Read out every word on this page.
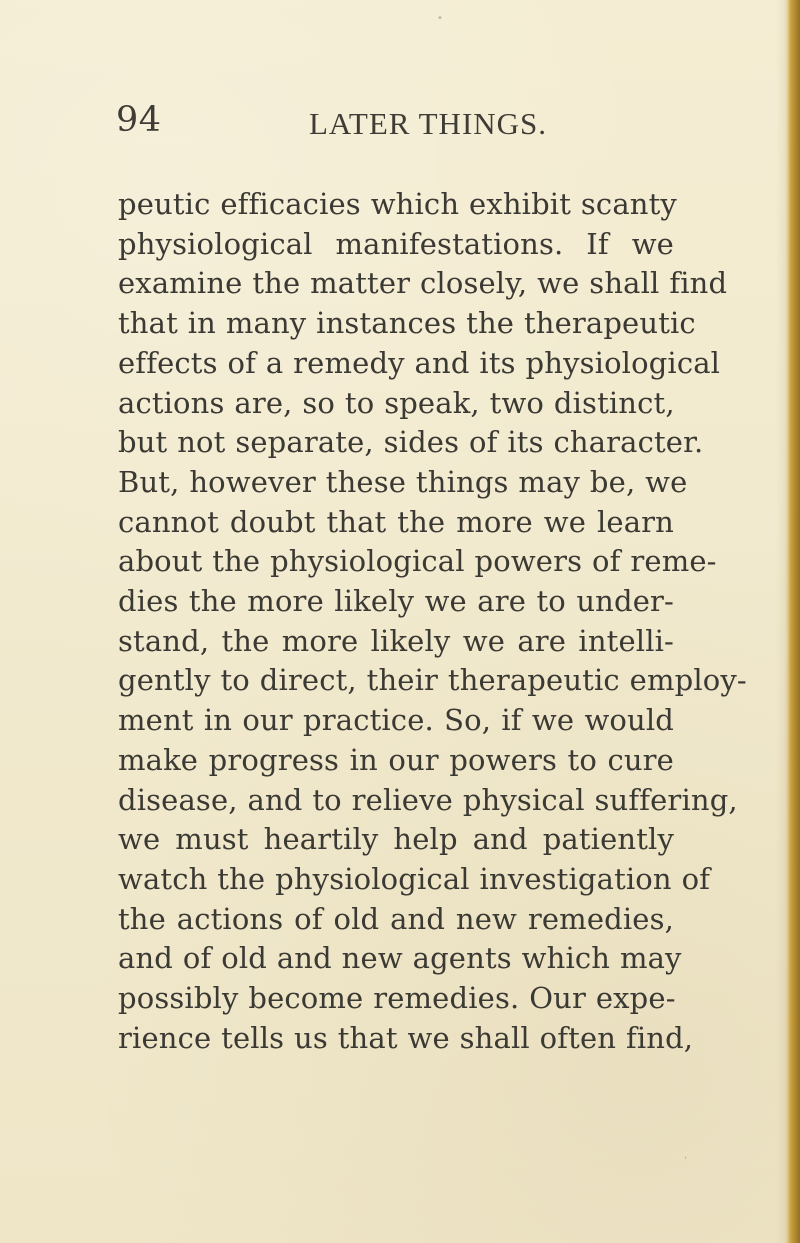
94	LATER THINGS.
peutic efficacies which exhibit scanty
physiological manifestations. If we
examine the matter closely, we shall find
that in many instances the therapeutic
effects of a remedy and its physiological
actions are, so to speak, two distinct,
but not separate, sides of its character.
But, however these things may be, we
cannot doubt that the more we learn
about the physiological powers of reme-
dies the more likely we are to under-
stand, the more likely we are intelli-
gently to direct, their therapeutic employ-
ment in our practice. So, if we would
make progress in our powers to cure
disease, and to relieve physical suffering,
we must heartily help and patiently
watch the physiological investigation of
the actions of old and new remedies,
and of old and new agents which may
possibly become remedies. Our expe-
rience tells us that we shall often find,
•
,
